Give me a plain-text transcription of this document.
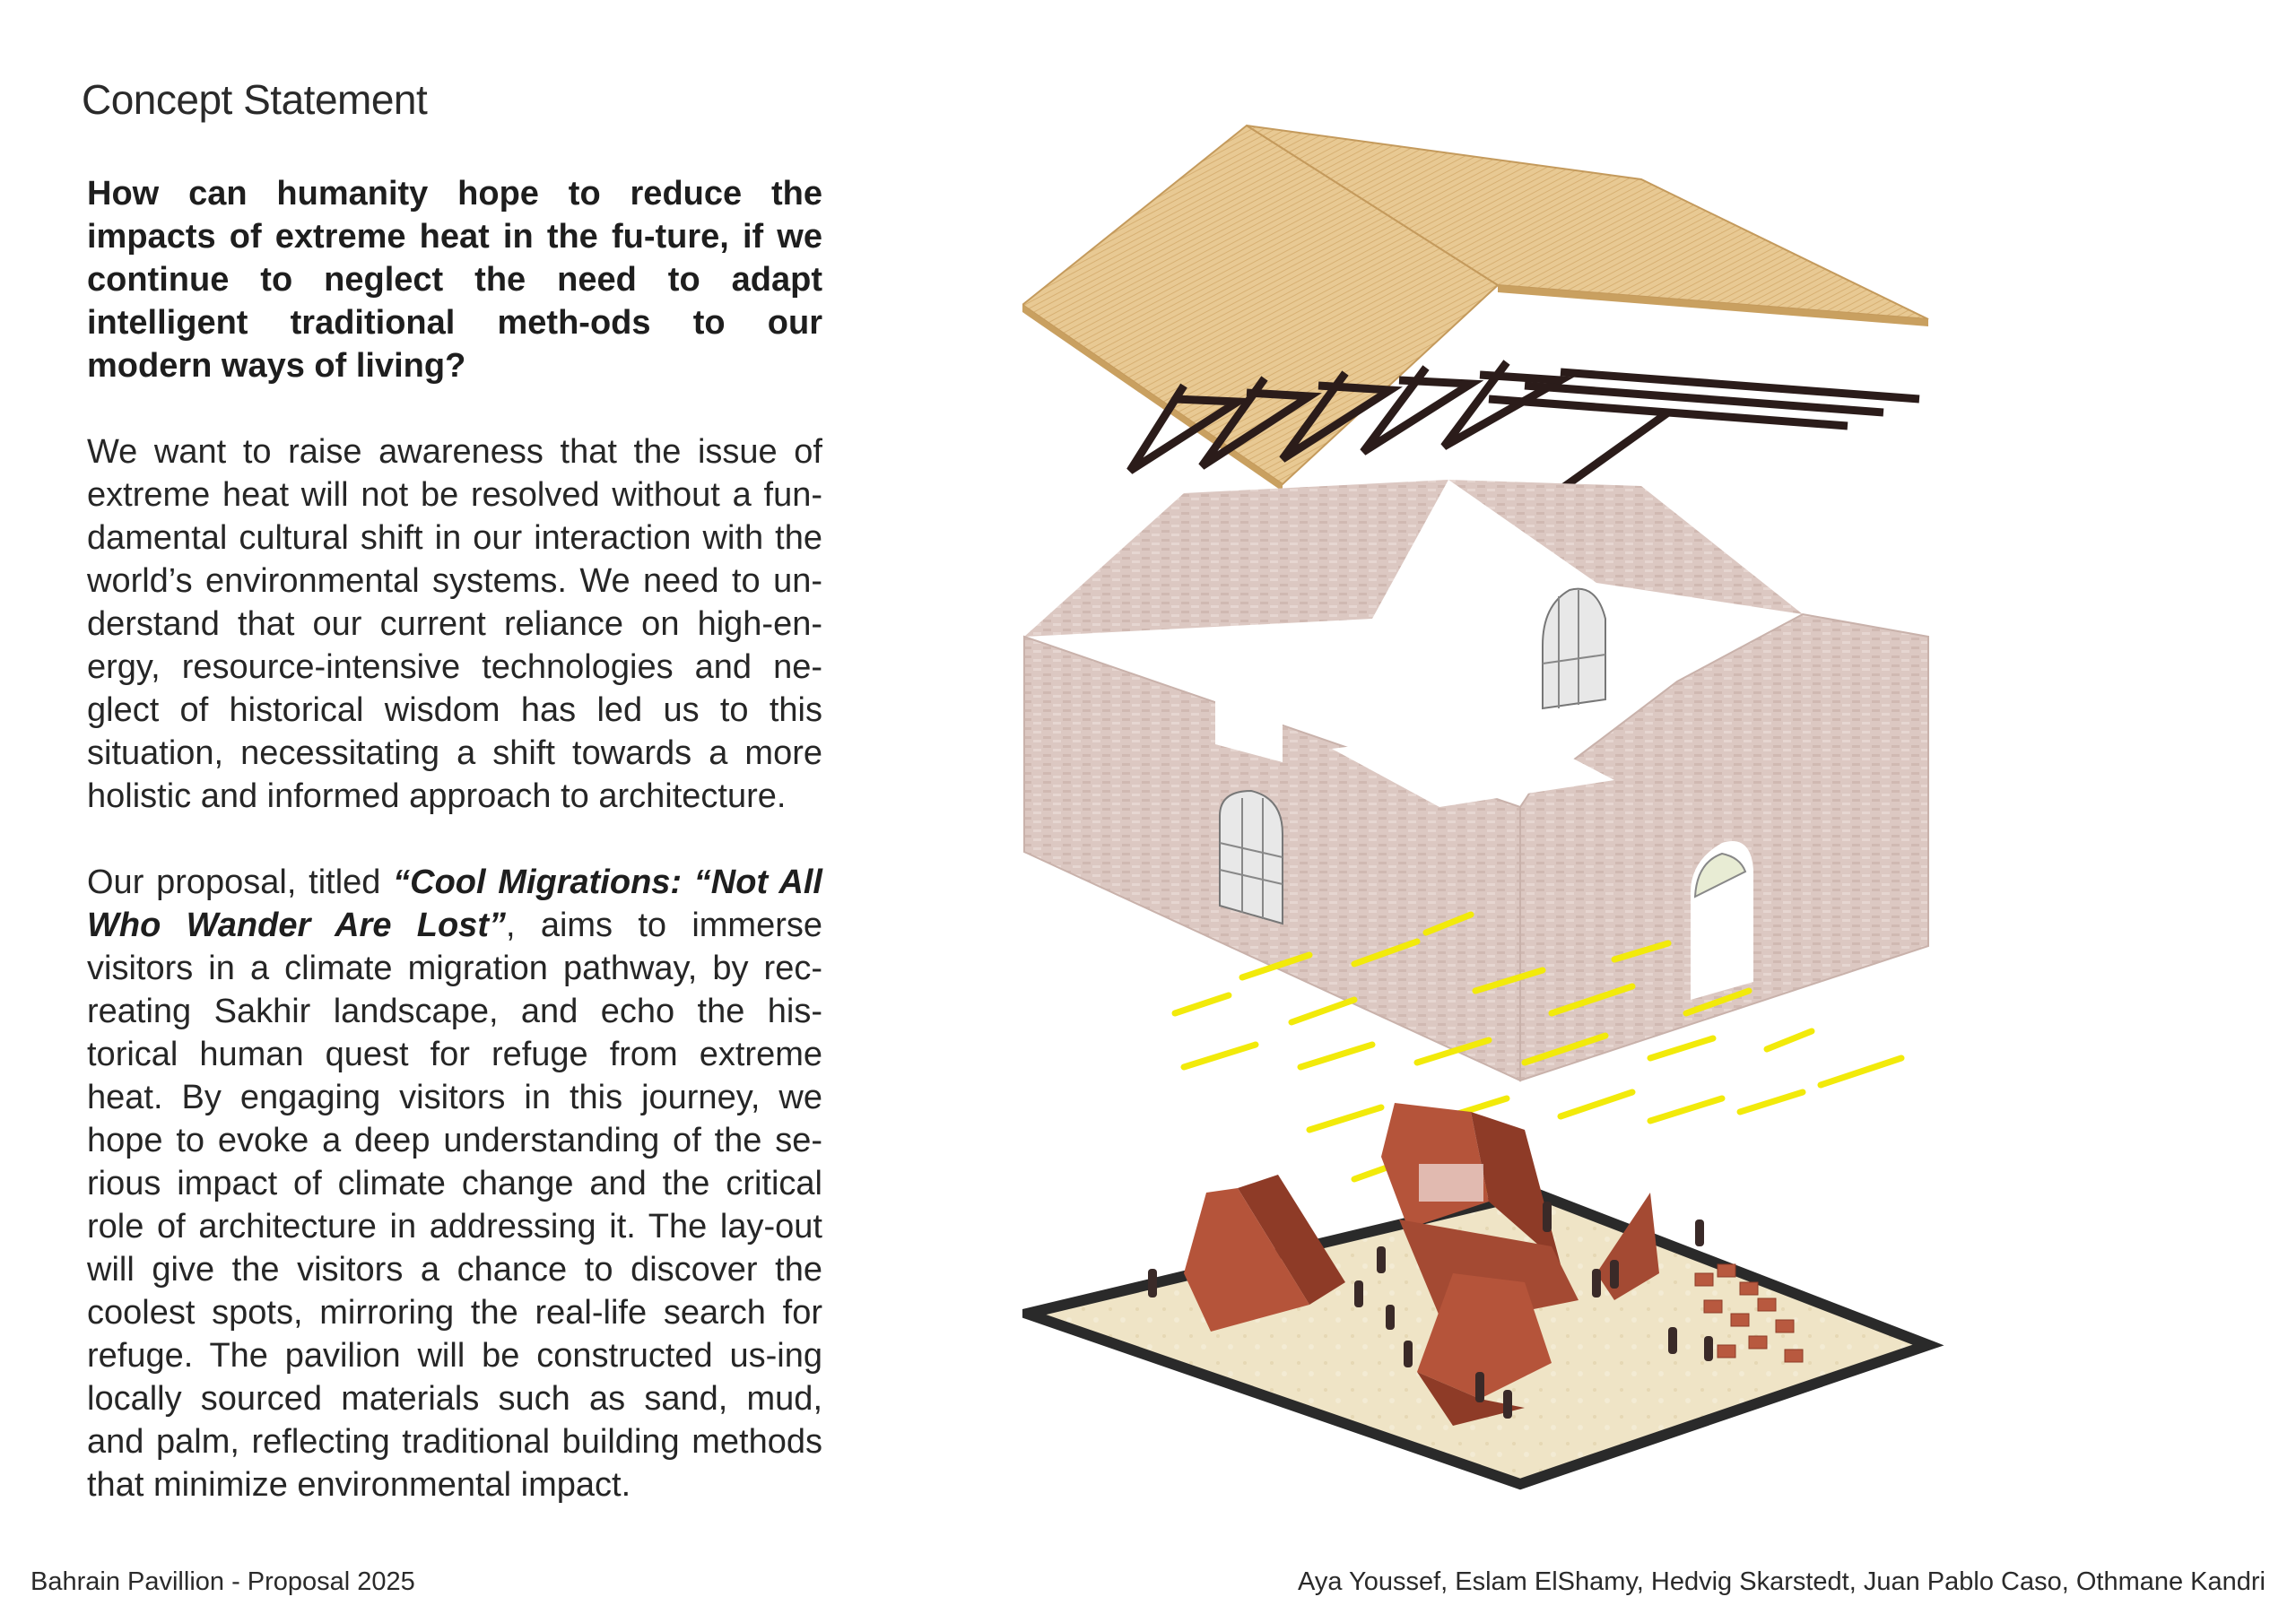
Concept Statement

How can humanity hope to reduce the impacts of extreme heat in the fu-ture, if we continue to neglect the need to adapt intelligent traditional meth-ods to our modern ways of living?

We want to raise awareness that the issue of extreme heat will not be resolved without a fun-damental cultural shift in our interaction with the world’s environmental systems. We need to un-derstand that our current reliance on high-en-ergy, resource-intensive technologies and ne-glect of historical wisdom has led us to this situation, necessitating a shift towards a more holistic and informed approach to architecture.

Our proposal, titled “Cool Migrations: “Not All Who Wander Are Lost”, aims to immerse visitors in a climate migration pathway, by rec-reating Sakhir landscape, and echo the his-torical human quest for refuge from extreme heat. By engaging visitors in this journey, we hope to evoke a deep understanding of the se-rious impact of climate change and the critical role of architecture in addressing it. The lay-out will give the visitors a chance to discover the coolest spots, mirroring the real-life search for refuge. The pavilion will be constructed us-ing locally sourced materials such as sand, mud, and palm, reflecting traditional building methods that minimize environmental impact.

Bahrain Pavillion - Proposal 2025	Aya Youssef, Eslam ElShamy, Hedvig Skarstedt, Juan Pablo Caso, Othmane Kandri
